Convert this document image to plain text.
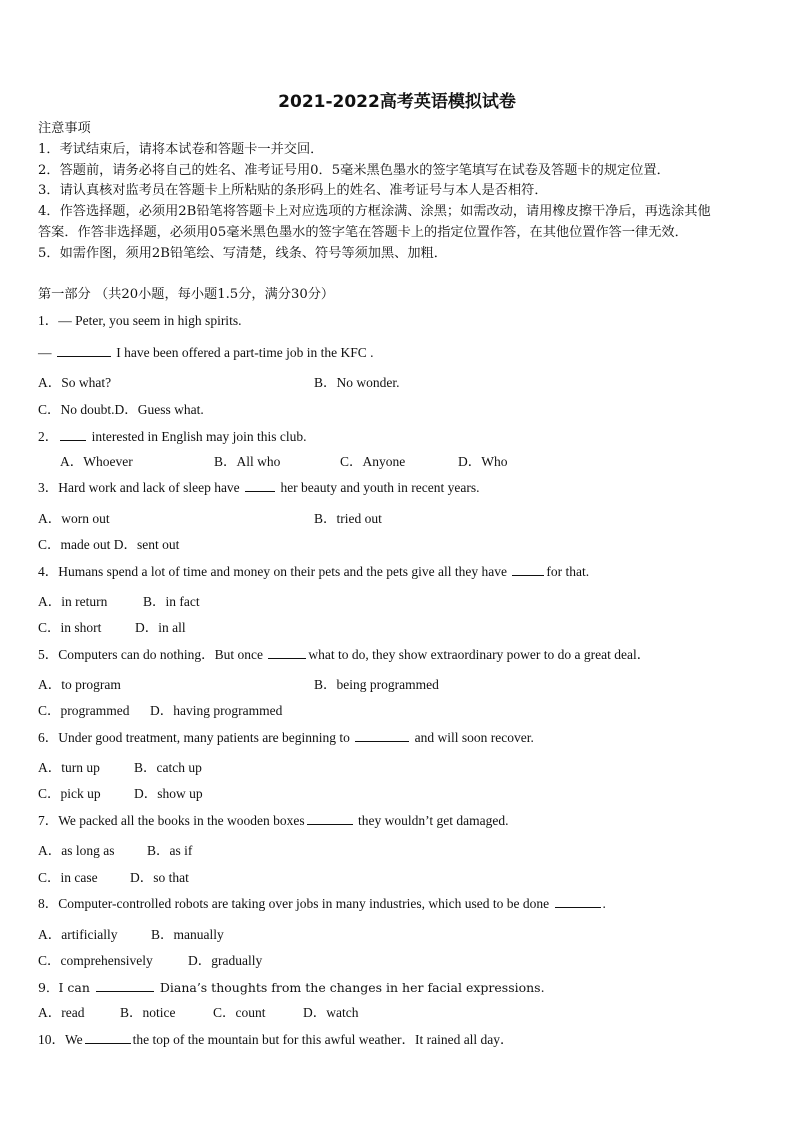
2021-2022高考英语模拟试卷
注意事项
1．考试结束后，请将本试卷和答题卡一并交回．
2．答题前，请务必将自己的姓名、准考证号用0．5毫米黑色墨水的签字笔填写在试卷及答题卡的规定位置．
3．请认真核对监考员在答题卡上所粘贴的条形码上的姓名、准考证号与本人是否相符．
4．作答选择题，必须用2B铅笔将答题卡上对应选项的方框涂满、涂黑；如需改动，请用橡皮擦干净后，再选涂其他
答案．作答非选择题，必须用05毫米黑色墨水的签字笔在答题卡上的指定位置作答，在其他位置作答一律无效．
5．如需作图，须用2B铅笔绘、写清楚，线条、符号等须加黑、加粗．
第一部分 （共20小题，每小题1.5分，满分30分）
1．— Peter, you seem in high spirits.
—	I have been offered a part-time job in the KFC .
A．So what?	B．No wonder.
C．No doubt.D．Guess what.
2． interested in English may join this club.
A．Whoever	B．All who	C．Anyone	D．Who
3．Hard work and lack of sleep have	her beauty and youth in recent years.
A．worn out	B．tried out
C．made out D．sent out
4．Humans spend a lot of time and money on their pets and the pets give all they have	for that.
A．in return	B．in fact
C．in short D．in all
5．Computers can do nothing．But once	what to do, they show extraordinary power to do a great deal．
A．to program	B．being programmed
C．programmed D．having programmed
6．Under good treatment, many patients are beginning to	and will soon recover.
A．turn up	B．catch up
C．pick up D．show up
7．We packed all the books in the wooden boxes	they wouldn’t get damaged.
A．as long as B．as if
C．in case D．so that
8．Computer-controlled robots are taking over jobs in many industries, which used to be done	.
A．artificially B．manually
C．comprehensively	D．gradually
9．I can	Diana’s thoughts from the changes in her facial expressions.
A．read	B．notice	C．count	D．watch
10．We	the top of the mountain but for this awful weather．It rained all day．
